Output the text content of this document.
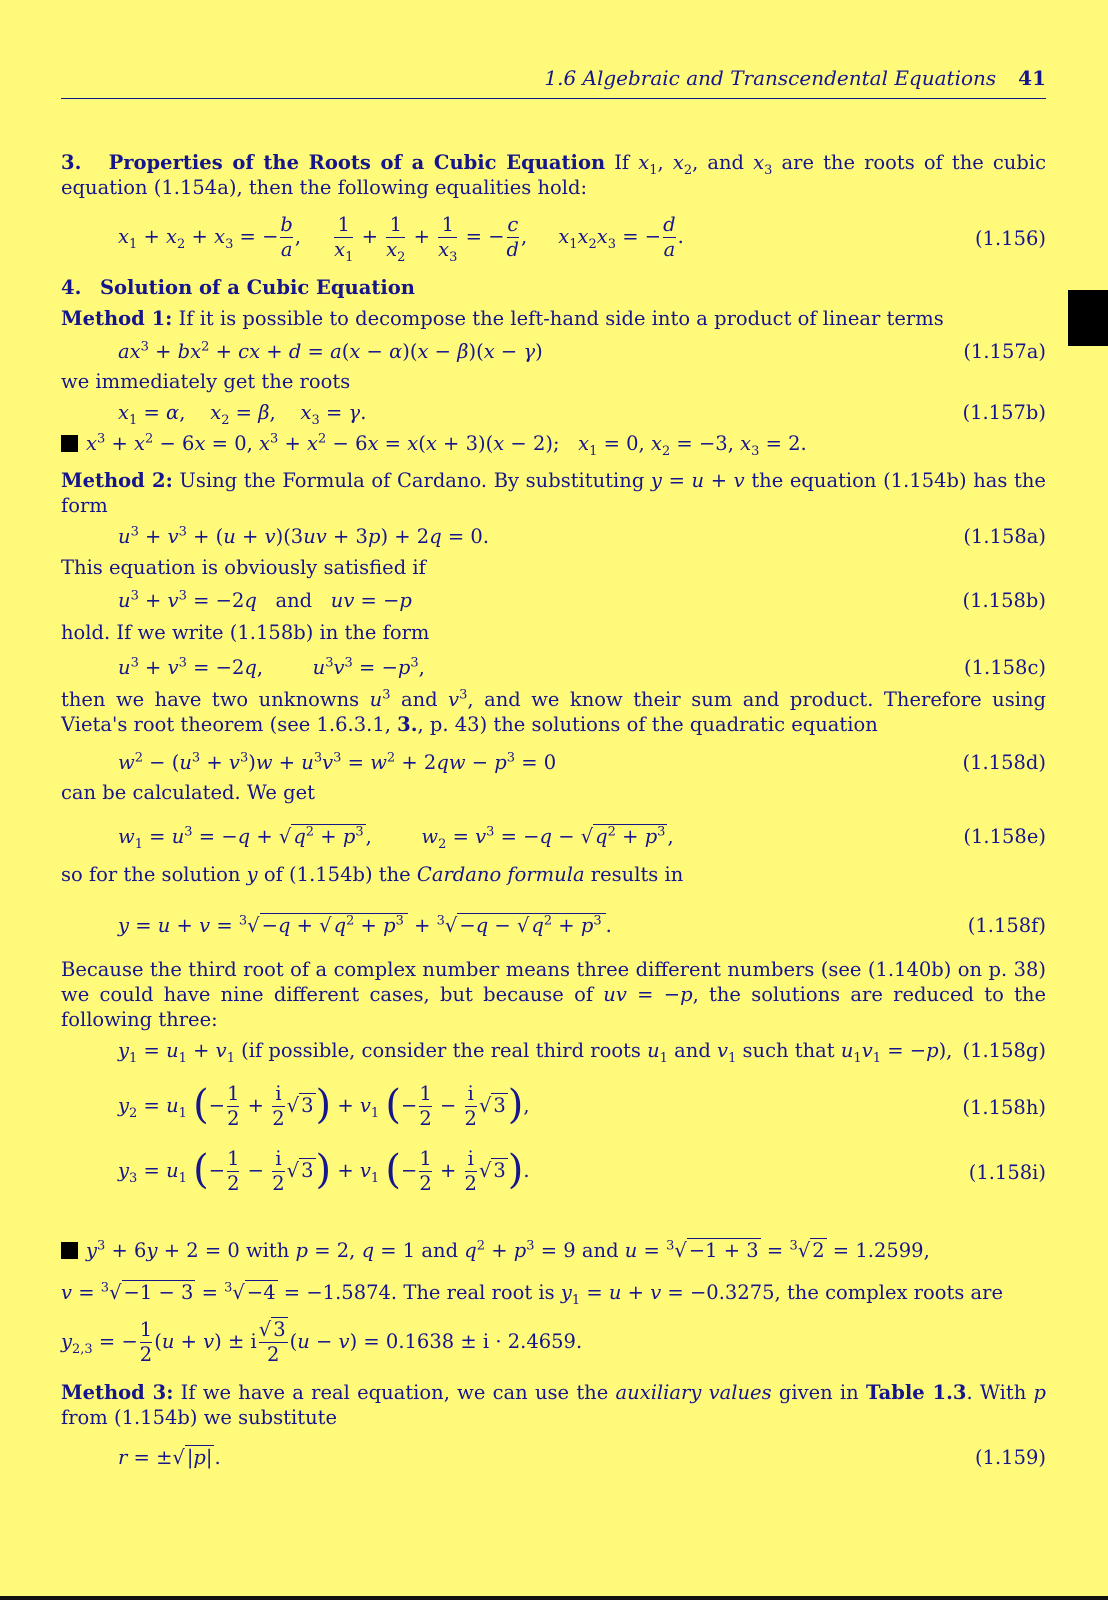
1.6 Algebraic and Transcendental Equations 41

3. Properties of the Roots of a Cubic Equation If $x_1$, $x_2$, and $x_3$ are the roots of the cubic equation (1.154a), then the following equalities hold:

$x_1 + x_2 + x_3$ = − $\frac{b}{a}$ , $\frac{1}{x_1} + \frac{1}{x_2} + \frac{1}{x_3}$ = − $\frac{c}{d}$ ,     $x_1x_2x_3$ = − $\frac{d}{a}$ .	(1.156)
4. Solution of a Cubic Equation
Method 1: If it is possible to decompose the left-hand side into a product of linear terms
$ax^3 + bx^2$ + cx + d = a(x − α)(x − β)(x − γ)	(1.157a)
we immediately get the roots
$x_1 = \alpha$,    $x_2 = \beta$,    $x_3 = \gamma$.	(1.157b)
$x^3 + x^2 - 6x = 0$, $x^3 + x^2 - 6x = x(x + 3)(x - 2)$;   $x_1 = 0$, $x_2 = -3$, $x_3 = 2$.

Method 2: Using the Formula of Cardano. By substituting y = u + v the equation (1.154b) has the form

$u^3 + v^3 + (u + v)(3uv + 3p) + 2q = 0$.	(1.158a)
This equation is obviously satisfied if
$u^3 + v^3 = -2q$ and uv = −p	(1.158b)
hold. If we write (1.158b) in the form
$u^3 + v^3 = -2q$,        $u^3v^3 = -p^3$,	(1.158c)

then we have two unknowns $u^3$ and $v^3$, and we know their sum and product. Therefore using Vieta's root theorem (see 1.6.3.1, 3., p. 43) the solutions of the quadratic equation

$w^2 - (u^3 + v^3)w + u^3v^3 = w^2 + 2qw - p^3 = 0$	(1.158d)
can be calculated. We get
$w_1 = u^3 = -q$ + √ $q^2 + p^3$ ,        $w_2 = v^3 = -q$ − √ $q^2 + p^3$ ,	(1.158e)
so for the solution y of (1.154b) the Cardano formula results in
y = u + v = $^3$√ −q + √ $q^2 + p^3 + ^3√ -q$ − √ $q^2 + p^3$ .	(1.158f)

Because the third root of a complex number means three different numbers (see (1.140b) on p. 38) we could have nine different cases, but because of uv = −p, the solutions are reduced to the following three:

$y_1 = u_1 + v_1$ (if possible, consider the real third roots $u_1$ and $v_1$ such that $u_1v_1 = -p$), (1.158g)
$y_2 = u_1$ (− $\frac{1}{2} + \frac{i}{2}$ √ $3) + v_1$ (− $\frac{1}{2} - \frac{i}{2}$ √ 3),	(1.158h)
$y_3 = u_1$ (− $\frac{1}{2} - \frac{i}{2}$ √ $3) + v_1$ (− $\frac{1}{2} + \frac{i}{2}$ √ 3).	(1.158i)
$y^3 + 6y + 2 = 0$ with p = 2, q = 1 and $q^2 + p^3 = 9$ and u = $^3$√ −1 + 3 = $^3$√ 2 = 1.2599,
v = $^3$√ −1 − 3 = $^3$√ −4 = −1.5874. The real root is $y_1 = u + v = -0.3275$, the complex roots are
$y_{2,3}$ = − $\frac{1}{2} (u + v) \pm i \frac{√ 3}{2} (u - v) = 0.1638 \pm i \cdot 2.4659$.

Method 3: If we have a real equation, we can use the auxiliary values given in Table 1.3. With p from (1.154b) we substitute

r = ±√ |p| .	(1.159)
